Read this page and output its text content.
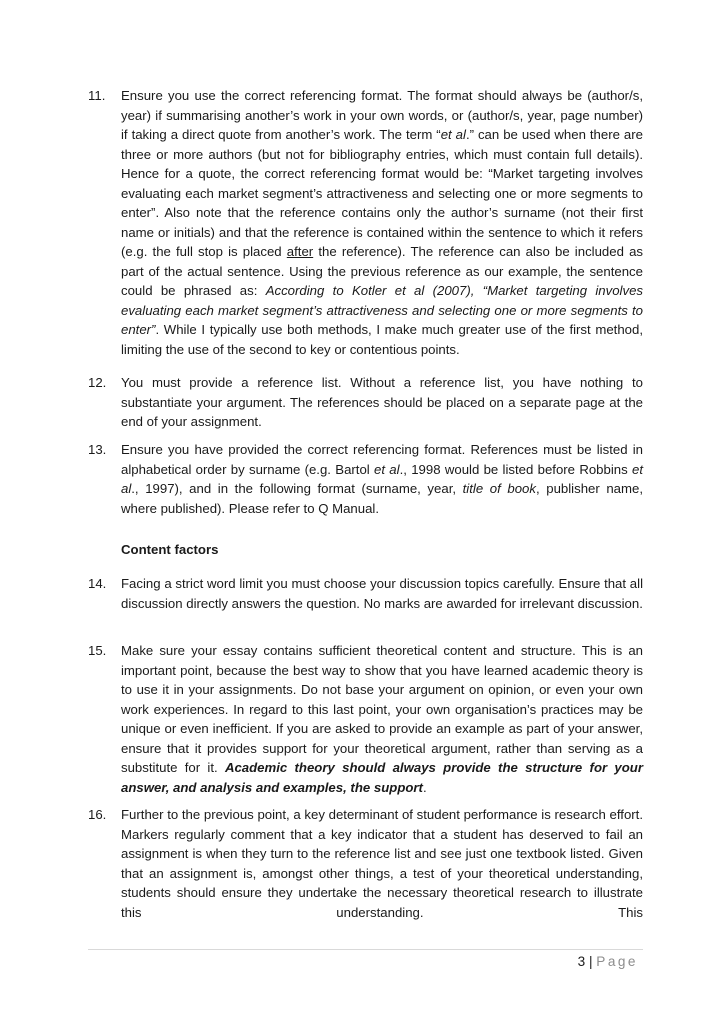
11.	Ensure you use the correct referencing format. The format should always be (author/s, year) if summarising another’s work in your own words, or (author/s, year, page number) if taking a direct quote from another’s work. The term “et al.” can be used when there are three or more authors (but not for bibliography entries, which must contain full details). Hence for a quote, the correct referencing format would be: “Market targeting involves evaluating each market segment’s attractiveness and selecting one or more segments to enter”. Also note that the reference contains only the author’s surname (not their first name or initials) and that the reference is contained within the sentence to which it refers (e.g. the full stop is placed after the reference). The reference can also be included as part of the actual sentence. Using the previous reference as our example, the sentence could be phrased as: According to Kotler et al (2007), “Market targeting involves evaluating each market segment’s attractiveness and selecting one or more segments to enter”. While I typically use both methods, I make much greater use of the first method, limiting the use of the second to key or contentious points.
12.	You must provide a reference list. Without a reference list, you have nothing to substantiate your argument. The references should be placed on a separate page at the end of your assignment.
13.	Ensure you have provided the correct referencing format. References must be listed in alphabetical order by surname (e.g. Bartol et al., 1998 would be listed before Robbins et al., 1997), and in the following format (surname, year, title of book, publisher name, where published). Please refer to Q Manual.
Content factors
14.	Facing a strict word limit you must choose your discussion topics carefully. Ensure that all discussion directly answers the question. No marks are awarded for irrelevant discussion.
15.	Make sure your essay contains sufficient theoretical content and structure. This is an important point, because the best way to show that you have learned academic theory is to use it in your assignments. Do not base your argument on opinion, or even your own work experiences. In regard to this last point, your own organisation’s practices may be unique or even inefficient. If you are asked to provide an example as part of your answer, ensure that it provides support for your theoretical argument, rather than serving as a substitute for it. Academic theory should always provide the structure for your answer, and analysis and examples, the support.
16.	Further to the previous point, a key determinant of student performance is research effort. Markers regularly comment that a key indicator that a student has deserved to fail an assignment is when they turn to the reference list and see just one textbook listed. Given that an assignment is, amongst other things, a test of your theoretical understanding, students should ensure they undertake the necessary theoretical research to illustrate this understanding. This
3 | Page
